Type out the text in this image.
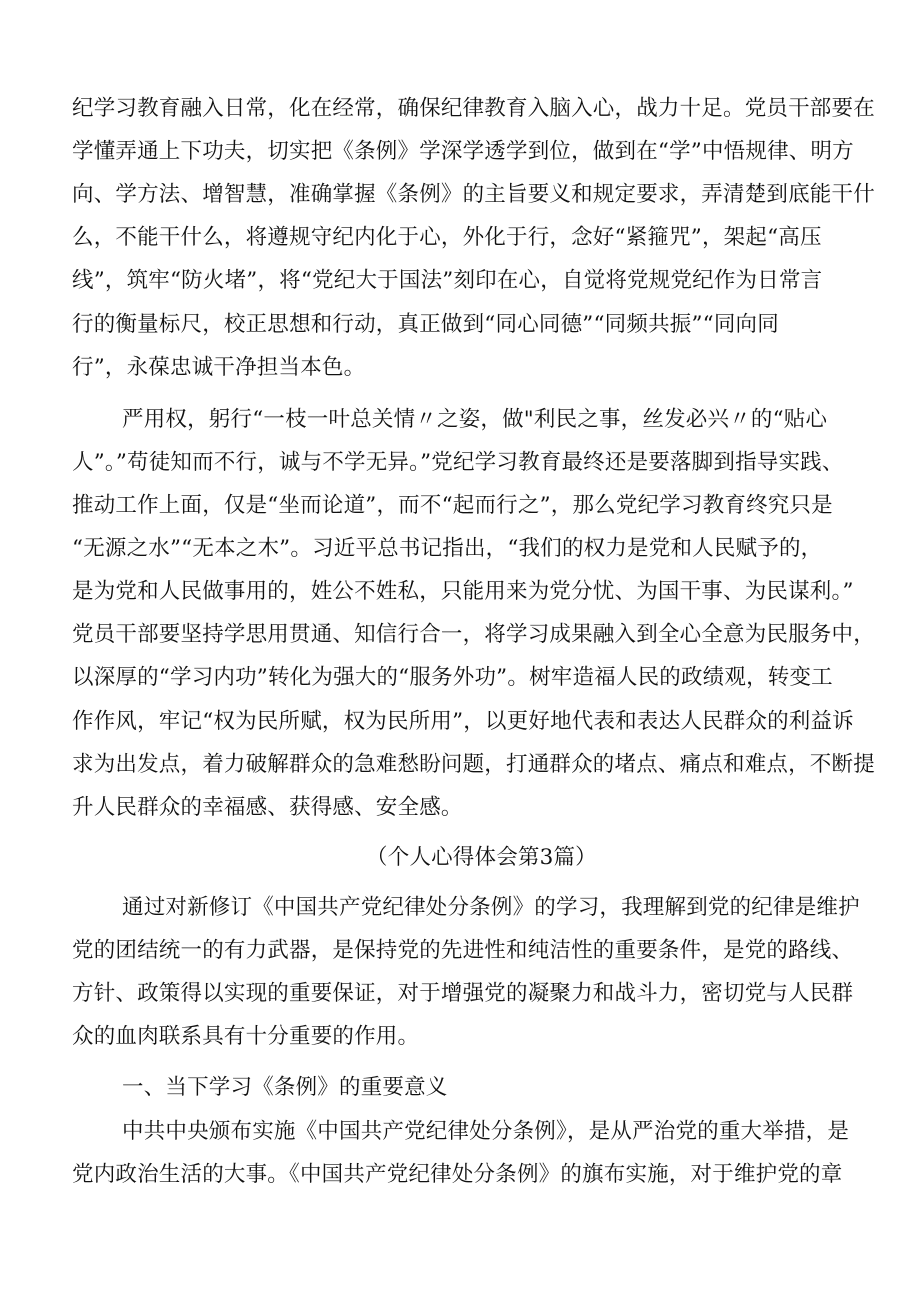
纪学习教育融入日常，化在经常，确保纪律教育入脑入心，战力十足。党员干部要在
学懂弄通上下功夫，切实把《条例》学深学透学到位，做到在“学”中悟规律、明方
向、学方法、增智慧，准确掌握《条例》的主旨要义和规定要求，弄清楚到底能干什
么，不能干什么，将遵规守纪内化于心，外化于行，念好“紧箍咒”，架起“高压
线”，筑牢“防火堵”，将“党纪大于国法”刻印在心，自觉将党规党纪作为日常言
行的衡量标尺，校正思想和行动，真正做到“同心同德”“同频共振”“同向同
行”，永葆忠诚干净担当本色。
严用权，躬行“一枝一叶总关情〃之姿，做"利民之事，丝发必兴〃的“贴心
人”。”苟徒知而不行，诚与不学无异。”党纪学习教育最终还是要落脚到指导实践、
推动工作上面，仅是“坐而论道”，而不“起而行之”，那么党纪学习教育终究只是
“无源之水”“无本之木”。习近平总书记指出，“我们的权力是党和人民赋予的，
是为党和人民做事用的，姓公不姓私，只能用来为党分忧、为国干事、为民谋利。”
党员干部要坚持学思用贯通、知信行合一，将学习成果融入到全心全意为民服务中，
以深厚的“学习内功”转化为强大的“服务外功”。树牢造福人民的政绩观，转变工
作作风，牢记“权为民所赋，权为民所用”，以更好地代表和表达人民群众的利益诉
求为出发点，着力破解群众的急难愁盼问题，打通群众的堵点、痛点和难点，不断提
升人民群众的幸福感、获得感、安全感。
（个人心得体会第3篇）
通过对新修订《中国共产党纪律处分条例》的学习，我理解到党的纪律是维护
党的团结统一的有力武器，是保持党的先进性和纯洁性的重要条件，是党的路线、
方针、政策得以实现的重要保证，对于增强党的凝聚力和战斗力，密切党与人民群
众的血肉联系具有十分重要的作用。
一、当下学习《条例》的重要意义
中共中央颁布实施《中国共产党纪律处分条例》，是从严治党的重大举措，是
党内政治生活的大事。《中国共产党纪律处分条例》的旗布实施，对于维护党的章
